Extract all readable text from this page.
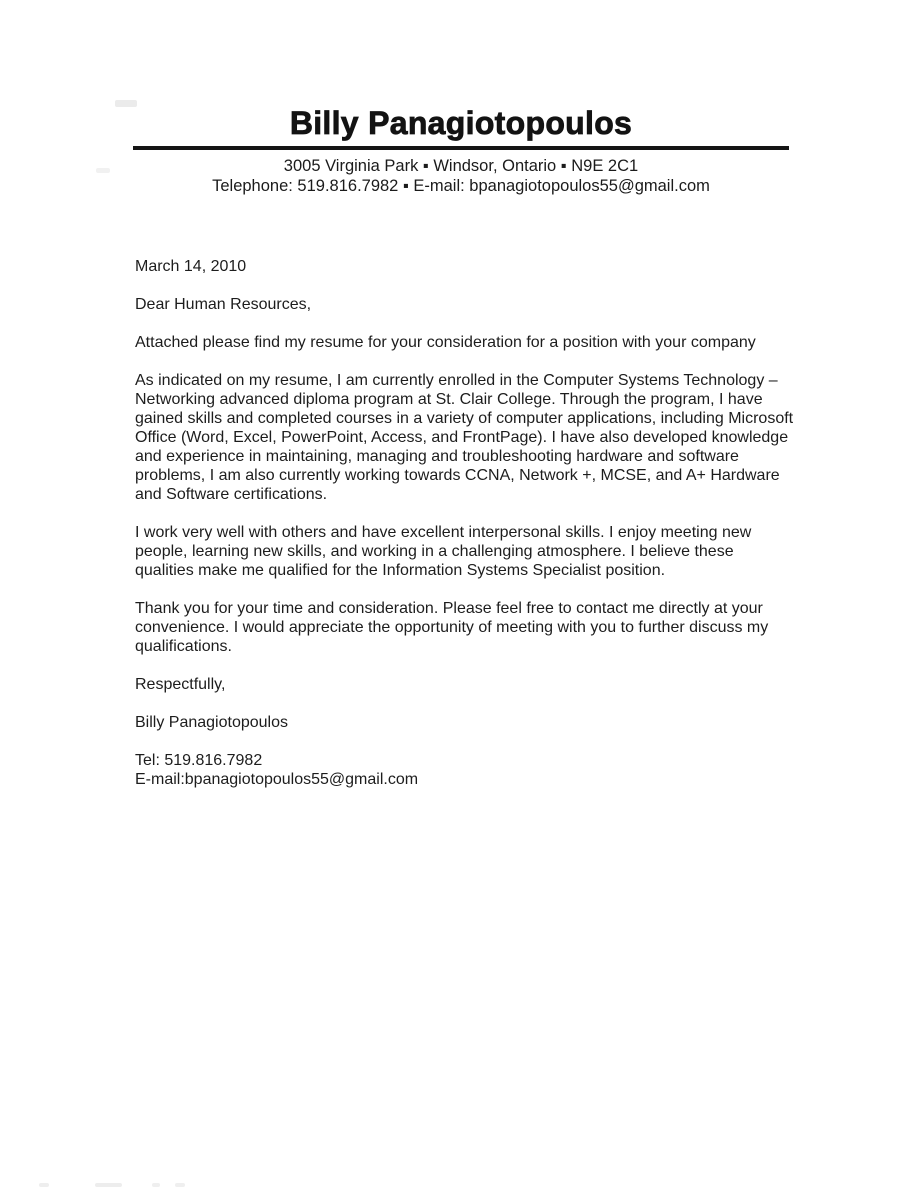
Billy Panagiotopoulos
3005 Virginia Park ▪ Windsor, Ontario ▪ N9E 2C1
Telephone: 519.816.7982 ▪ E-mail: bpanagiotopoulos55@gmail.com

March 14, 2010

Dear Human Resources,

Attached please find my resume for your consideration for a position with your company

As indicated on my resume, I am currently enrolled in the Computer Systems Technology – Networking advanced diploma program at St. Clair College. Through the program, I have gained skills and completed courses in a variety of computer applications, including Microsoft Office (Word, Excel, PowerPoint, Access, and FrontPage). I have also developed knowledge and experience in maintaining, managing and troubleshooting hardware and software problems, I am also currently working towards CCNA, Network +, MCSE, and A+ Hardware and Software certifications.

I work very well with others and have excellent interpersonal skills. I enjoy meeting new people, learning new skills, and working in a challenging atmosphere. I believe these qualities make me qualified for the Information Systems Specialist position.

Thank you for your time and consideration. Please feel free to contact me directly at your convenience. I would appreciate the opportunity of meeting with you to further discuss my qualifications.

Respectfully,

Billy Panagiotopoulos

Tel: 519.816.7982
E-mail:bpanagiotopoulos55@gmail.com
